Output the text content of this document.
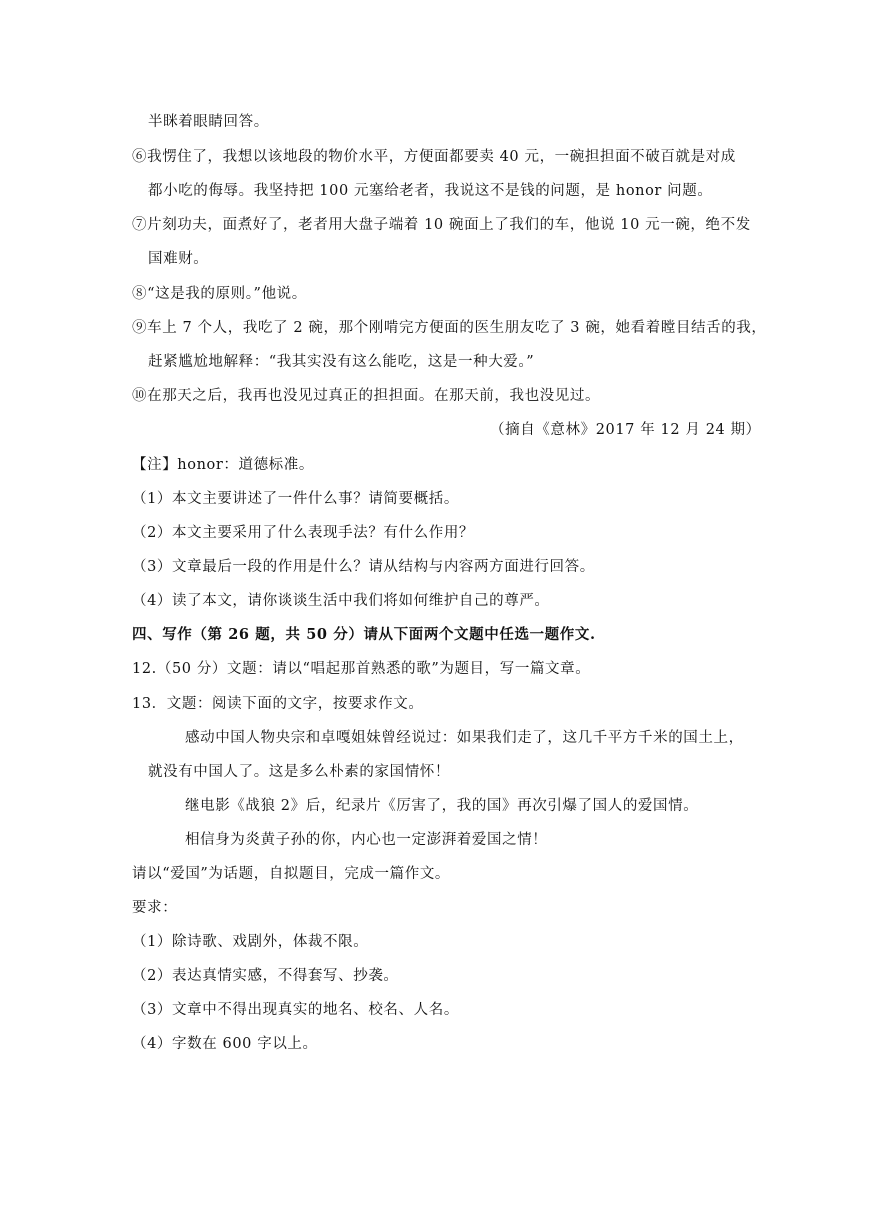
半眯着眼睛回答。
⑥我愣住了，我想以该地段的物价水平，方便面都要卖 40 元，一碗担担面不破百就是对成
都小吃的侮辱。我坚持把 100 元塞给老者，我说这不是钱的问题，是 honor 问题。
⑦片刻功夫，面煮好了，老者用大盘子端着 10 碗面上了我们的车，他说 10 元一碗，绝不发
国难财。
⑧“这是我的原则。”他说。
⑨车上 7 个人，我吃了 2 碗，那个刚啃完方便面的医生朋友吃了 3 碗，她看着瞠目结舌的我，
赶紧尴尬地解释：“我其实没有这么能吃，这是一种大爱。”
⑩在那天之后，我再也没见过真正的担担面。在那天前，我也没见过。
（摘自《意林》2017 年 12 月 24 期）
【注】honor：道德标准。
（1）本文主要讲述了一件什么事？请简要概括。
（2）本文主要采用了什么表现手法？有什么作用？
（3）文章最后一段的作用是什么？请从结构与内容两方面进行回答。
（4）读了本文，请你谈谈生活中我们将如何维护自己的尊严。
四、写作（第 26 题，共 50 分）请从下面两个文题中任选一题作文.
12.（50 分）文题：请以“唱起那首熟悉的歌”为题目，写一篇文章。
13．文题：阅读下面的文字，按要求作文。
感动中国人物央宗和卓嘎姐妹曾经说过：如果我们走了，这几千平方千米的国土上，
就没有中国人了。这是多么朴素的家国情怀！
继电影《战狼 2》后，纪录片《厉害了，我的国》再次引爆了国人的爱国情。
相信身为炎黄子孙的你，内心也一定澎湃着爱国之情！
请以“爱国”为话题，自拟题目，完成一篇作文。
要求：
（1）除诗歌、戏剧外，体裁不限。
（2）表达真情实感，不得套写、抄袭。
（3）文章中不得出现真实的地名、校名、人名。
（4）字数在 600 字以上。
